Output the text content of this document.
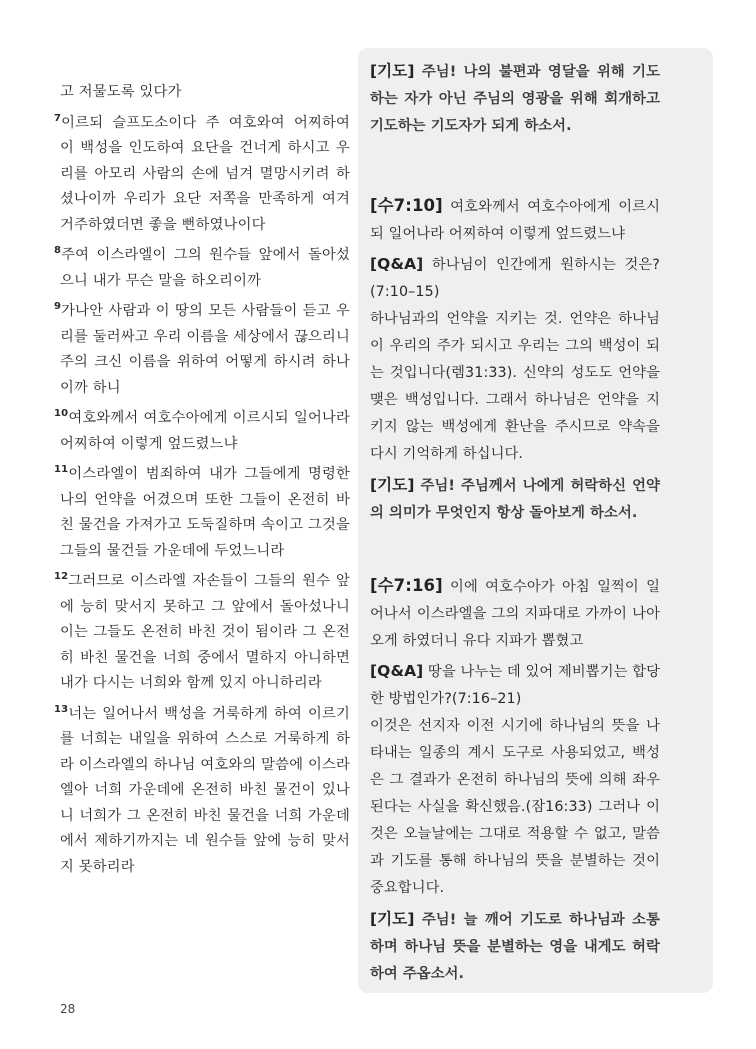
고 저물도록 있다가

$^7$이르되 슬프도소이다 주 여호와여 어찌하여 이 백성을 인도하여 요단을 건너게 하시고 우리를 아모리 사람의 손에 넘겨 멸망시키려 하셨나이까 우리가 요단 저쪽을 만족하게 여겨 거주하였더면 좋을 뻔하였나이다

$^8$주여 이스라엘이 그의 원수들 앞에서 돌아섰으니 내가 무슨 말을 하오리이까

$^9$가나안 사람과 이 땅의 모든 사람들이 듣고 우리를 둘러싸고 우리 이름을 세상에서 끊으리니 주의 크신 이름을 위하여 어떻게 하시려 하나이까 하니

$^{10}$여호와께서 여호수아에게 이르시되 일어나라 어찌하여 이렇게 엎드렸느냐

$^{11}$이스라엘이 범죄하여 내가 그들에게 명령한 나의 언약을 어겼으며 또한 그들이 온전히 바친 물건을 가져가고 도둑질하며 속이고 그것을 그들의 물건들 가운데에 두었느니라

$^{12}$그러므로 이스라엘 자손들이 그들의 원수 앞에 능히 맞서지 못하고 그 앞에서 돌아섰나니 이는 그들도 온전히 바친 것이 됨이라 그 온전히 바친 물건을 너희 중에서 멸하지 아니하면 내가 다시는 너희와 함께 있지 아니하리라

$^{13}$너는 일어나서 백성을 거룩하게 하여 이르기를 너희는 내일을 위하여 스스로 거룩하게 하라 이스라엘의 하나님 여호와의 말씀에 이스라엘아 너희 가운데에 온전히 바친 물건이 있나니 너희가 그 온전히 바친 물건을 너희 가운데에서 제하기까지는 네 원수들 앞에 능히 맞서지 못하리라

[기도] 주님! 나의 불편과 영달을 위해 기도하는 자가 아닌 주님의 영광을 위해 회개하고 기도하는 기도자가 되게 하소서.
[수7:10] 여호와께서 여호수아에게 이르시되 일어나라 어찌하여 이렇게 엎드렸느냐
[Q&A] 하나님이 인간에게 원하시는 것은?(7:10–15)
하나님과의 언약을 지키는 것. 언약은 하나님이 우리의 주가 되시고 우리는 그의 백성이 되는 것입니다(렘31:33). 신약의 성도도 언약을 맺은 백성입니다. 그래서 하나님은 언약을 지키지 않는 백성에게 환난을 주시므로 약속을 다시 기억하게 하십니다.
[기도] 주님! 주님께서 나에게 허락하신 언약의 의미가 무엇인지 항상 돌아보게 하소서.
[수7:16] 이에 여호수아가 아침 일찍이 일어나서 이스라엘을 그의 지파대로 가까이 나아오게 하였더니 유다 지파가 뽑혔고
[Q&A] 땅을 나누는 데 있어 제비뽑기는 합당한 방법인가?(7:16–21)
이것은 선지자 이전 시기에 하나님의 뜻을 나타내는 일종의 계시 도구로 사용되었고, 백성은 그 결과가 온전히 하나님의 뜻에 의해 좌우된다는 사실을 확신했음.(잠16:33) 그러나 이것은 오늘날에는 그대로 적용할 수 없고, 말씀과 기도를 통해 하나님의 뜻을 분별하는 것이 중요합니다.
[기도] 주님! 늘 깨어 기도로 하나님과 소통하며 하나님 뜻을 분별하는 영을 내게도 허락하여 주옵소서.
28
